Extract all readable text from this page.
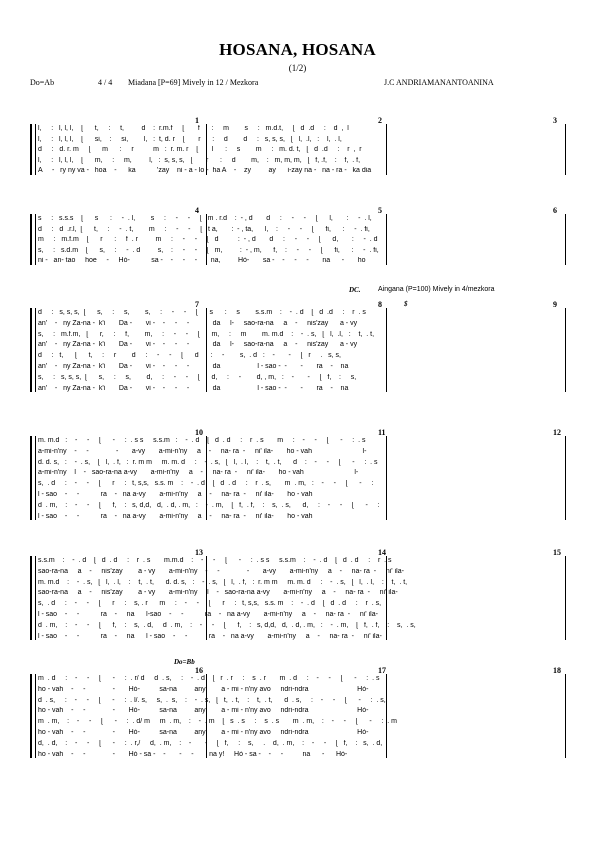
HOSANA, HOSANA
(1/2)
Do=Ab	4 / 4 Miadana [P=69] Mively in 12 / Mezkora	J.C ANDRIAMANANTOANINA
1	2	3
l,     :   l, l, l,    [      t,     :     t,         d    :  r.m.f     [       f      :     m        s     :   m.d.t,     [   d  .d     :    d  ,  l
l,     :   l, l, l,    [      si,    :     si,        l,   :  t, d. r    [       r      :     d        d     :   s, s, s,   [   l,  .l,   :    l,  . l,
d     :   d. r. m     [      m      :     r          m   :  r. m. r    [       l      :     s        m     :   m. d. t,   [   d  .d     :    r  ,  r
l,     :   l, l, l,    [      m,     :     m,         l,   :  s, s, s,   [       r      :     d        m,    :   m, m, m,   [   f, .f,    :    f,  . f,
A     -   ry ny va -   hoa    -      ka           'zay    ni - a - lo -  ha A    -    zy         ay      i-zay na -   na - ra -   ka dia
4	5	6
s     :   s.s.s    [      s      :     -  . l,        s     :     -     -     [   m . r.d    :  - , d       d     :     -     -     [      l,       :     -  . l,
d     :   d  .r.l,  [      t,     :     -  . t,        m     :     -     -     [   t a,       :  - , ta,      l,    :     -     -     [      fi,      :     -  . fi,
m     :   m.f.m    [      r      :     f  . r         m     :     -     -     [   d          :  - , d       d     :     -     -     [      d,       :     -  . d
s,     :   s.d.m    [      s,     :     -  . d         s,    :     -     -     [   m,         :  - , m,      f,    :     -     -     [      fi,      :     -  . fi,
ni -   an- tao     hoe     -     Hò-           sa -    -     -     -       na,         Hò-       sa -    -     -     -       na      -       ho
7	8	9
d     :   s, s, s,  [      s,     :     s,        s,     :     -     -     [      s      :     s        s.s.m    :    -  . d    [   d  .d     :    r  . s
an'    -   ny Za-na -  k'i       Da -       vi -    -     -     -            da     l-     sao-ra-na     a    -     nis'zay      a - vy
s,     :   m.f.m,   [      r,     :     f,        m,     :     -     -     [      m,     :     m        m. m.d    :    -  . s,   [   l,  .l,   :    t,  . t,
an'    -   ny Za-na -  k'i       Da -       vi -    -     -     -            da     l-     sao-ra-na     a    -     nis'zay      a - vy
d     :   t,      [      t,     :     r        d     :     -     -     [      d      :     -        s,  . d   :    -       -     [   r     .   s, s,
an'    -   ny Za-na -  k'i       Da -       vi -    -     -     -            da                   l - sao -  -       -       ra    -    na
s,     :   s, s, s,  [      s,     :     s,        d,     :     -     -     [      d,     :     -        d, , m,   :    -       -     [   f,    :     s,
an'    -   ny Za-na -  k'i       Da -       vi -    -     -     -            da                   l - sao -  -       -       ra    -    na
10	11	12
m. m.d   :    -     -     [      -     :  . s s     s.s.m   :    -  . d    [   d  . d     :    r  . s       m     :    -     -     [      -     :  . s
a-mi-n'ny    -     -              -       a-vy       a-mi-n'ny     a    -     na- ra  -     ni' ila-       ho - vah                          l-
d. d. s,   :    -  . s,    [   l,  . f,   :  r. m m     m. m. d     :    -  . s,   [   l,  . l,    :    t,  . t,      d    :    -     -     [      -     :  . s
a-mi-n'ny    l    -   sao-ra-na a-vy       a-mi-n'ny     a    -     na- ra  -     ni' ila-       ho - vah                          l-
s,  . d     :    -     -     [      r     :   t, s,s,   s.s. m    :    -  . d    [   d  . d     :    r  . s,       m  . m,   :    -     -     [      -     :
l - sao    -     -           ra    -   na a-vy       a-mi-n'ny     a    -     na- ra  -     ni' ila-       ho - vah
d  . m,    :    -     -     [      f,    :   s, d,d,   d,  . d, . m,   :    -  . m,    [   f,  . f,    :    s,  . s,      d,     :    -     -     [      -     :
l - sao    -     -           ra    -   na a-vy       a-mi-n'ny     a    -     na- ra  -     ni' ila-       ho - vah
13	14	15
s.s.m    :    -  . d    [   d  . d     :    r  . s       m.m.d    :    -     -     [      -     :  . s s     s.s.m    :    -  . d    [   d  . d     :    r  . s
sao-ra-na     a    -     nis'zay        a - vy       a-mi-n'ny    -     -              -       a-vy       a-mi-n'ny     a    -     na- ra  -     ni' ila-
m. m.d    :    -  . s,   [   l,  . l,    :    t,  . t,      d. d. s,   :    -  . s,   [   l,  . f,   :  r. m m     m. m. d     :    -  . s,   [   l,  . l,    :    t,  . t,
sao-ra-na     a    -     nis'zay        a - vy       a-mi-n'ny     l    -   sao-ra-na a-vy       a-mi-n'ny     a    -     na- ra  -     ni' ila-
s,  . d     :    -     -     [      r     :    s, . r      m     :    -     -     [      r     :   t, s,s,   s.s. m    :    -  . d    [   d  . d     :    r  . s,
l - sao    -     -           ra    -     na      l-sao    -     -           ra    -   na a-vy       a-mi-n'ny     a    -     na- ra  -     ni' ila-
d  . m,    :    -     -     [      f,    :    s,  . d,     d  . m,    :    -     -     [      f,    :   s, d,d,   d,  . d, . m,   :    -  . m,    [   f,  . f,    :    s,  . s,
l - sao    -     -           ra    -     na      l - sao    -     -           ra    -   na a-vy       a-mi-n'ny     a    -     na- ra  -     ni' ila-
16	17	18
m  . d     :    -     -     [      -     :  . r/ d     d  . s,     :    -  . d    [   r  . r     :    s  . r       m  . d     :    -     -     [      -     :  . s
ho - vah    -     -              -       Hò-          sa-na         any        a - mi - n'ny avo     ndri-ndra                         Hò-
d  . s,     :    -     -     [      -     :  . l/. s,     s,  .  s,    :    -  . s,   [   t,  . t,    :    t,  . t,      d  . s,     :    -     -     [      -     :  . s,
ho - vah    -     -              -       Hò-          sa-na         any        a - mi - n'ny avo     ndri-ndra                         Hò-
m  . m,    :    -     -     [      -     :  . d/ m     m  . m,    :    -  . m    [   s  . s     :    s  . s       m  . m,    :    -     -     [      -     :  . m
ho - vah    -     -              -       Hò-          sa-na         any        a - mi - n'ny avo     ndri-ndra                         Hò-
d,  . d,    :    -     -     [      -     :  . r,/     d,  . m,    :    -       -     [   f,     :    s,     .    d,  . m,    :    -     -     [   f,    :   s,  . d,
ho - vah    -     -              -       Hò - sa -    -       -     -        na y!     Hò - sa -    -     -          na      -      Hò-
DC.	Aingana (P=100) Mively in 4/mezkora
$
Do=Bb
